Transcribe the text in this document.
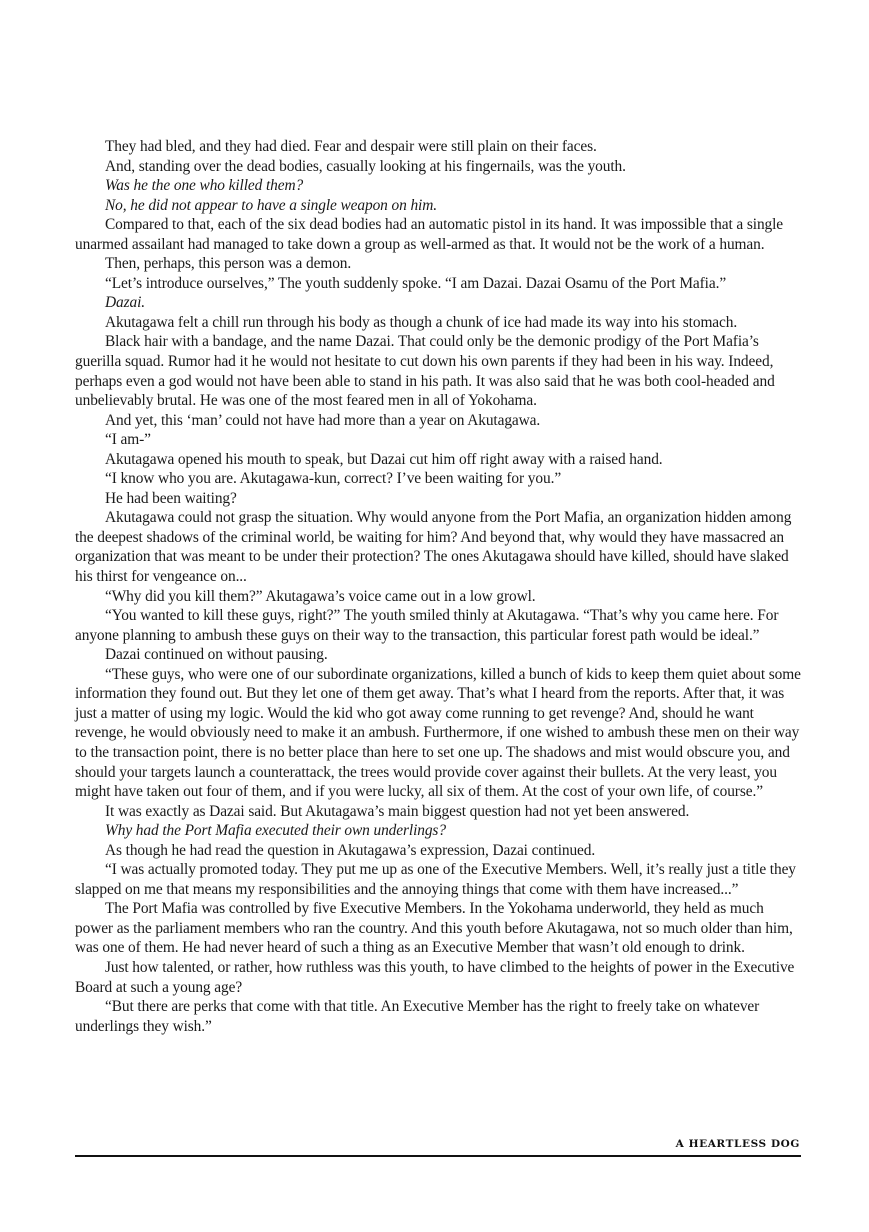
They had bled, and they had died. Fear and despair were still plain on their faces.

And, standing over the dead bodies, casually looking at his fingernails, was the youth.

Was he the one who killed them?

No, he did not appear to have a single weapon on him.

Compared to that, each of the six dead bodies had an automatic pistol in its hand. It was impossible that a single unarmed assailant had managed to take down a group as well-armed as that. It would not be the work of a human.

Then, perhaps, this person was a demon.

“Let’s introduce ourselves,” The youth suddenly spoke. “I am Dazai. Dazai Osamu of the Port Mafia.”

Dazai.

Akutagawa felt a chill run through his body as though a chunk of ice had made its way into his stomach.

Black hair with a bandage, and the name Dazai. That could only be the demonic prodigy of the Port Mafia’s guerilla squad. Rumor had it he would not hesitate to cut down his own parents if they had been in his way. Indeed, perhaps even a god would not have been able to stand in his path. It was also said that he was both cool-headed and unbelievably brutal. He was one of the most feared men in all of Yokohama.

And yet, this ‘man’ could not have had more than a year on Akutagawa.

“I am-”

Akutagawa opened his mouth to speak, but Dazai cut him off right away with a raised hand.

“I know who you are. Akutagawa-kun, correct? I’ve been waiting for you.”

He had been waiting?

Akutagawa could not grasp the situation. Why would anyone from the Port Mafia, an organization hidden among the deepest shadows of the criminal world, be waiting for him? And beyond that, why would they have massacred an organization that was meant to be under their protection? The ones Akutagawa should have killed, should have slaked his thirst for vengeance on...

“Why did you kill them?” Akutagawa’s voice came out in a low growl.

“You wanted to kill these guys, right?” The youth smiled thinly at Akutagawa. “That’s why you came here. For anyone planning to ambush these guys on their way to the transaction, this particular forest path would be ideal.”

Dazai continued on without pausing.

“These guys, who were one of our subordinate organizations, killed a bunch of kids to keep them quiet about some information they found out. But they let one of them get away. That’s what I heard from the reports. After that, it was just a matter of using my logic. Would the kid who got away come running to get revenge? And, should he want revenge, he would obviously need to make it an ambush. Furthermore, if one wished to ambush these men on their way to the transaction point, there is no better place than here to set one up. The shadows and mist would obscure you, and should your targets launch a counterattack, the trees would provide cover against their bullets. At the very least, you might have taken out four of them, and if you were lucky, all six of them. At the cost of your own life, of course.”

It was exactly as Dazai said. But Akutagawa’s main biggest question had not yet been answered.

Why had the Port Mafia executed their own underlings?

As though he had read the question in Akutagawa’s expression, Dazai continued.

“I was actually promoted today. They put me up as one of the Executive Members. Well, it’s really just a title they slapped on me that means my responsibilities and the annoying things that come with them have increased...”

The Port Mafia was controlled by five Executive Members. In the Yokohama underworld, they held as much power as the parliament members who ran the country. And this youth before Akutagawa, not so much older than him, was one of them. He had never heard of such a thing as an Executive Member that wasn’t old enough to drink.

Just how talented, or rather, how ruthless was this youth, to have climbed to the heights of power in the Executive Board at such a young age?

“But there are perks that come with that title. An Executive Member has the right to freely take on whatever underlings they wish.”

A HEARTLESS DOG
